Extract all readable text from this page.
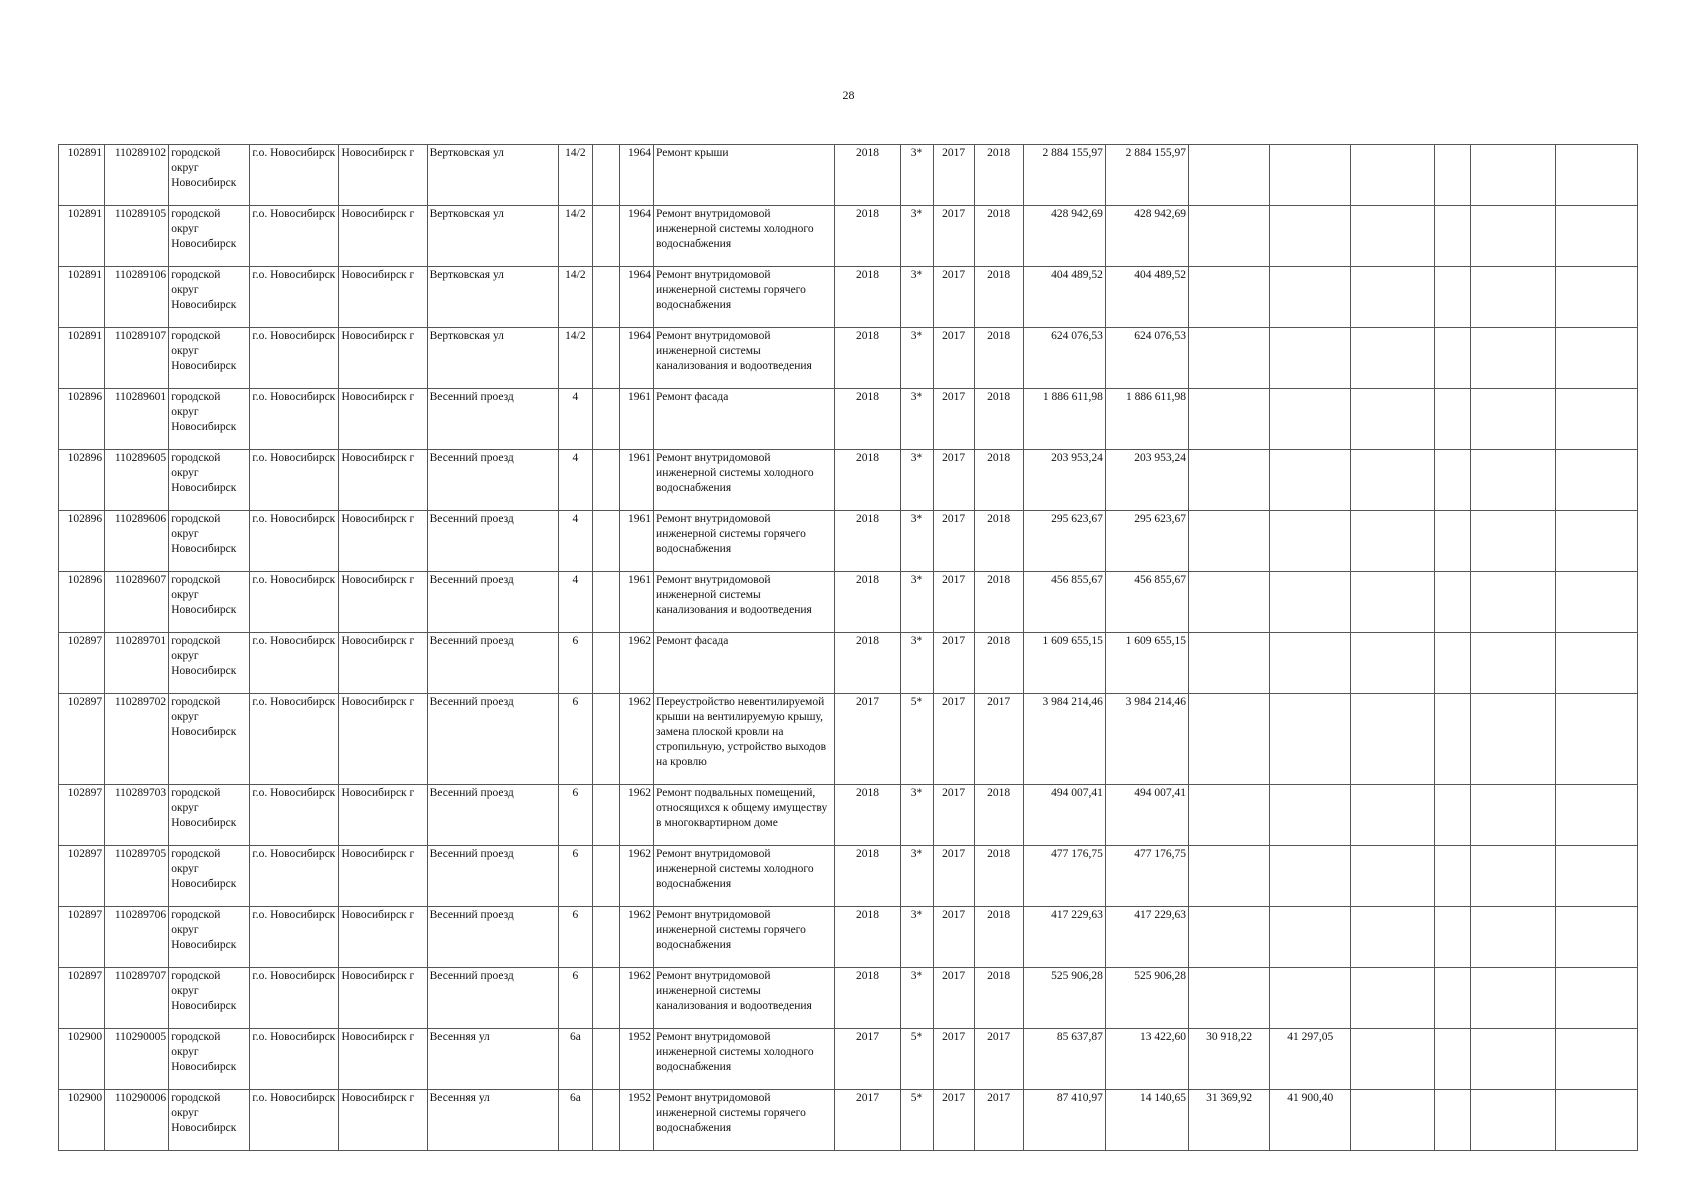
28
102891	110289102	городской округ Новосибирск	г.о. Новосибирск	Новосибирск г	Вертковская ул	14/2		1964	Ремонт крыши	2018	3*	2017	2018	2 884 155,97	2 884 155,97						
102891	110289105	городской округ Новосибирск	г.о. Новосибирск	Новосибирск г	Вертковская ул	14/2		1964	Ремонт внутридомовой инженерной системы холодного водоснабжения	2018	3*	2017	2018	428 942,69	428 942,69						
102891	110289106	городской округ Новосибирск	г.о. Новосибирск	Новосибирск г	Вертковская ул	14/2		1964	Ремонт внутридомовой инженерной системы горячего водоснабжения	2018	3*	2017	2018	404 489,52	404 489,52						
102891	110289107	городской округ Новосибирск	г.о. Новосибирск	Новосибирск г	Вертковская ул	14/2		1964	Ремонт внутридомовой инженерной системы канализования и водоотведения	2018	3*	2017	2018	624 076,53	624 076,53						
102896	110289601	городской округ Новосибирск	г.о. Новосибирск	Новосибирск г	Весенний проезд	4		1961	Ремонт фасада	2018	3*	2017	2018	1 886 611,98	1 886 611,98						
102896	110289605	городской округ Новосибирск	г.о. Новосибирск	Новосибирск г	Весенний проезд	4		1961	Ремонт внутридомовой инженерной системы холодного водоснабжения	2018	3*	2017	2018	203 953,24	203 953,24						
102896	110289606	городской округ Новосибирск	г.о. Новосибирск	Новосибирск г	Весенний проезд	4		1961	Ремонт внутридомовой инженерной системы горячего водоснабжения	2018	3*	2017	2018	295 623,67	295 623,67						
102896	110289607	городской округ Новосибирск	г.о. Новосибирск	Новосибирск г	Весенний проезд	4		1961	Ремонт внутридомовой инженерной системы канализования и водоотведения	2018	3*	2017	2018	456 855,67	456 855,67						
102897	110289701	городской округ Новосибирск	г.о. Новосибирск	Новосибирск г	Весенний проезд	6		1962	Ремонт фасада	2018	3*	2017	2018	1 609 655,15	1 609 655,15						
102897	110289702	городской округ Новосибирск	г.о. Новосибирск	Новосибирск г	Весенний проезд	6		1962	Переустройство невентилируемой крыши на вентилируемую крышу, замена плоской кровли на стропильную, устройство выходов на кровлю	2017	5*	2017	2017	3 984 214,46	3 984 214,46						
102897	110289703	городской округ Новосибирск	г.о. Новосибирск	Новосибирск г	Весенний проезд	6		1962	Ремонт подвальных помещений, относящихся к общему имуществу в многоквартирном доме	2018	3*	2017	2018	494 007,41	494 007,41						
102897	110289705	городской округ Новосибирск	г.о. Новосибирск	Новосибирск г	Весенний проезд	6		1962	Ремонт внутридомовой инженерной системы холодного водоснабжения	2018	3*	2017	2018	477 176,75	477 176,75						
102897	110289706	городской округ Новосибирск	г.о. Новосибирск	Новосибирск г	Весенний проезд	6		1962	Ремонт внутридомовой инженерной системы горячего водоснабжения	2018	3*	2017	2018	417 229,63	417 229,63						
102897	110289707	городской округ Новосибирск	г.о. Новосибирск	Новосибирск г	Весенний проезд	6		1962	Ремонт внутридомовой инженерной системы канализования и водоотведения	2018	3*	2017	2018	525 906,28	525 906,28						
102900	110290005	городской округ Новосибирск	г.о. Новосибирск	Новосибирск г	Весенняя ул	6а		1952	Ремонт внутридомовой инженерной системы холодного водоснабжения	2017	5*	2017	2017	85 637,87	13 422,60	30 918,22	41 297,05				
102900	110290006	городской округ Новосибирск	г.о. Новосибирск	Новосибирск г	Весенняя ул	6а		1952	Ремонт внутридомовой инженерной системы горячего водоснабжения	2017	5*	2017	2017	87 410,97	14 140,65	31 369,92	41 900,40				
